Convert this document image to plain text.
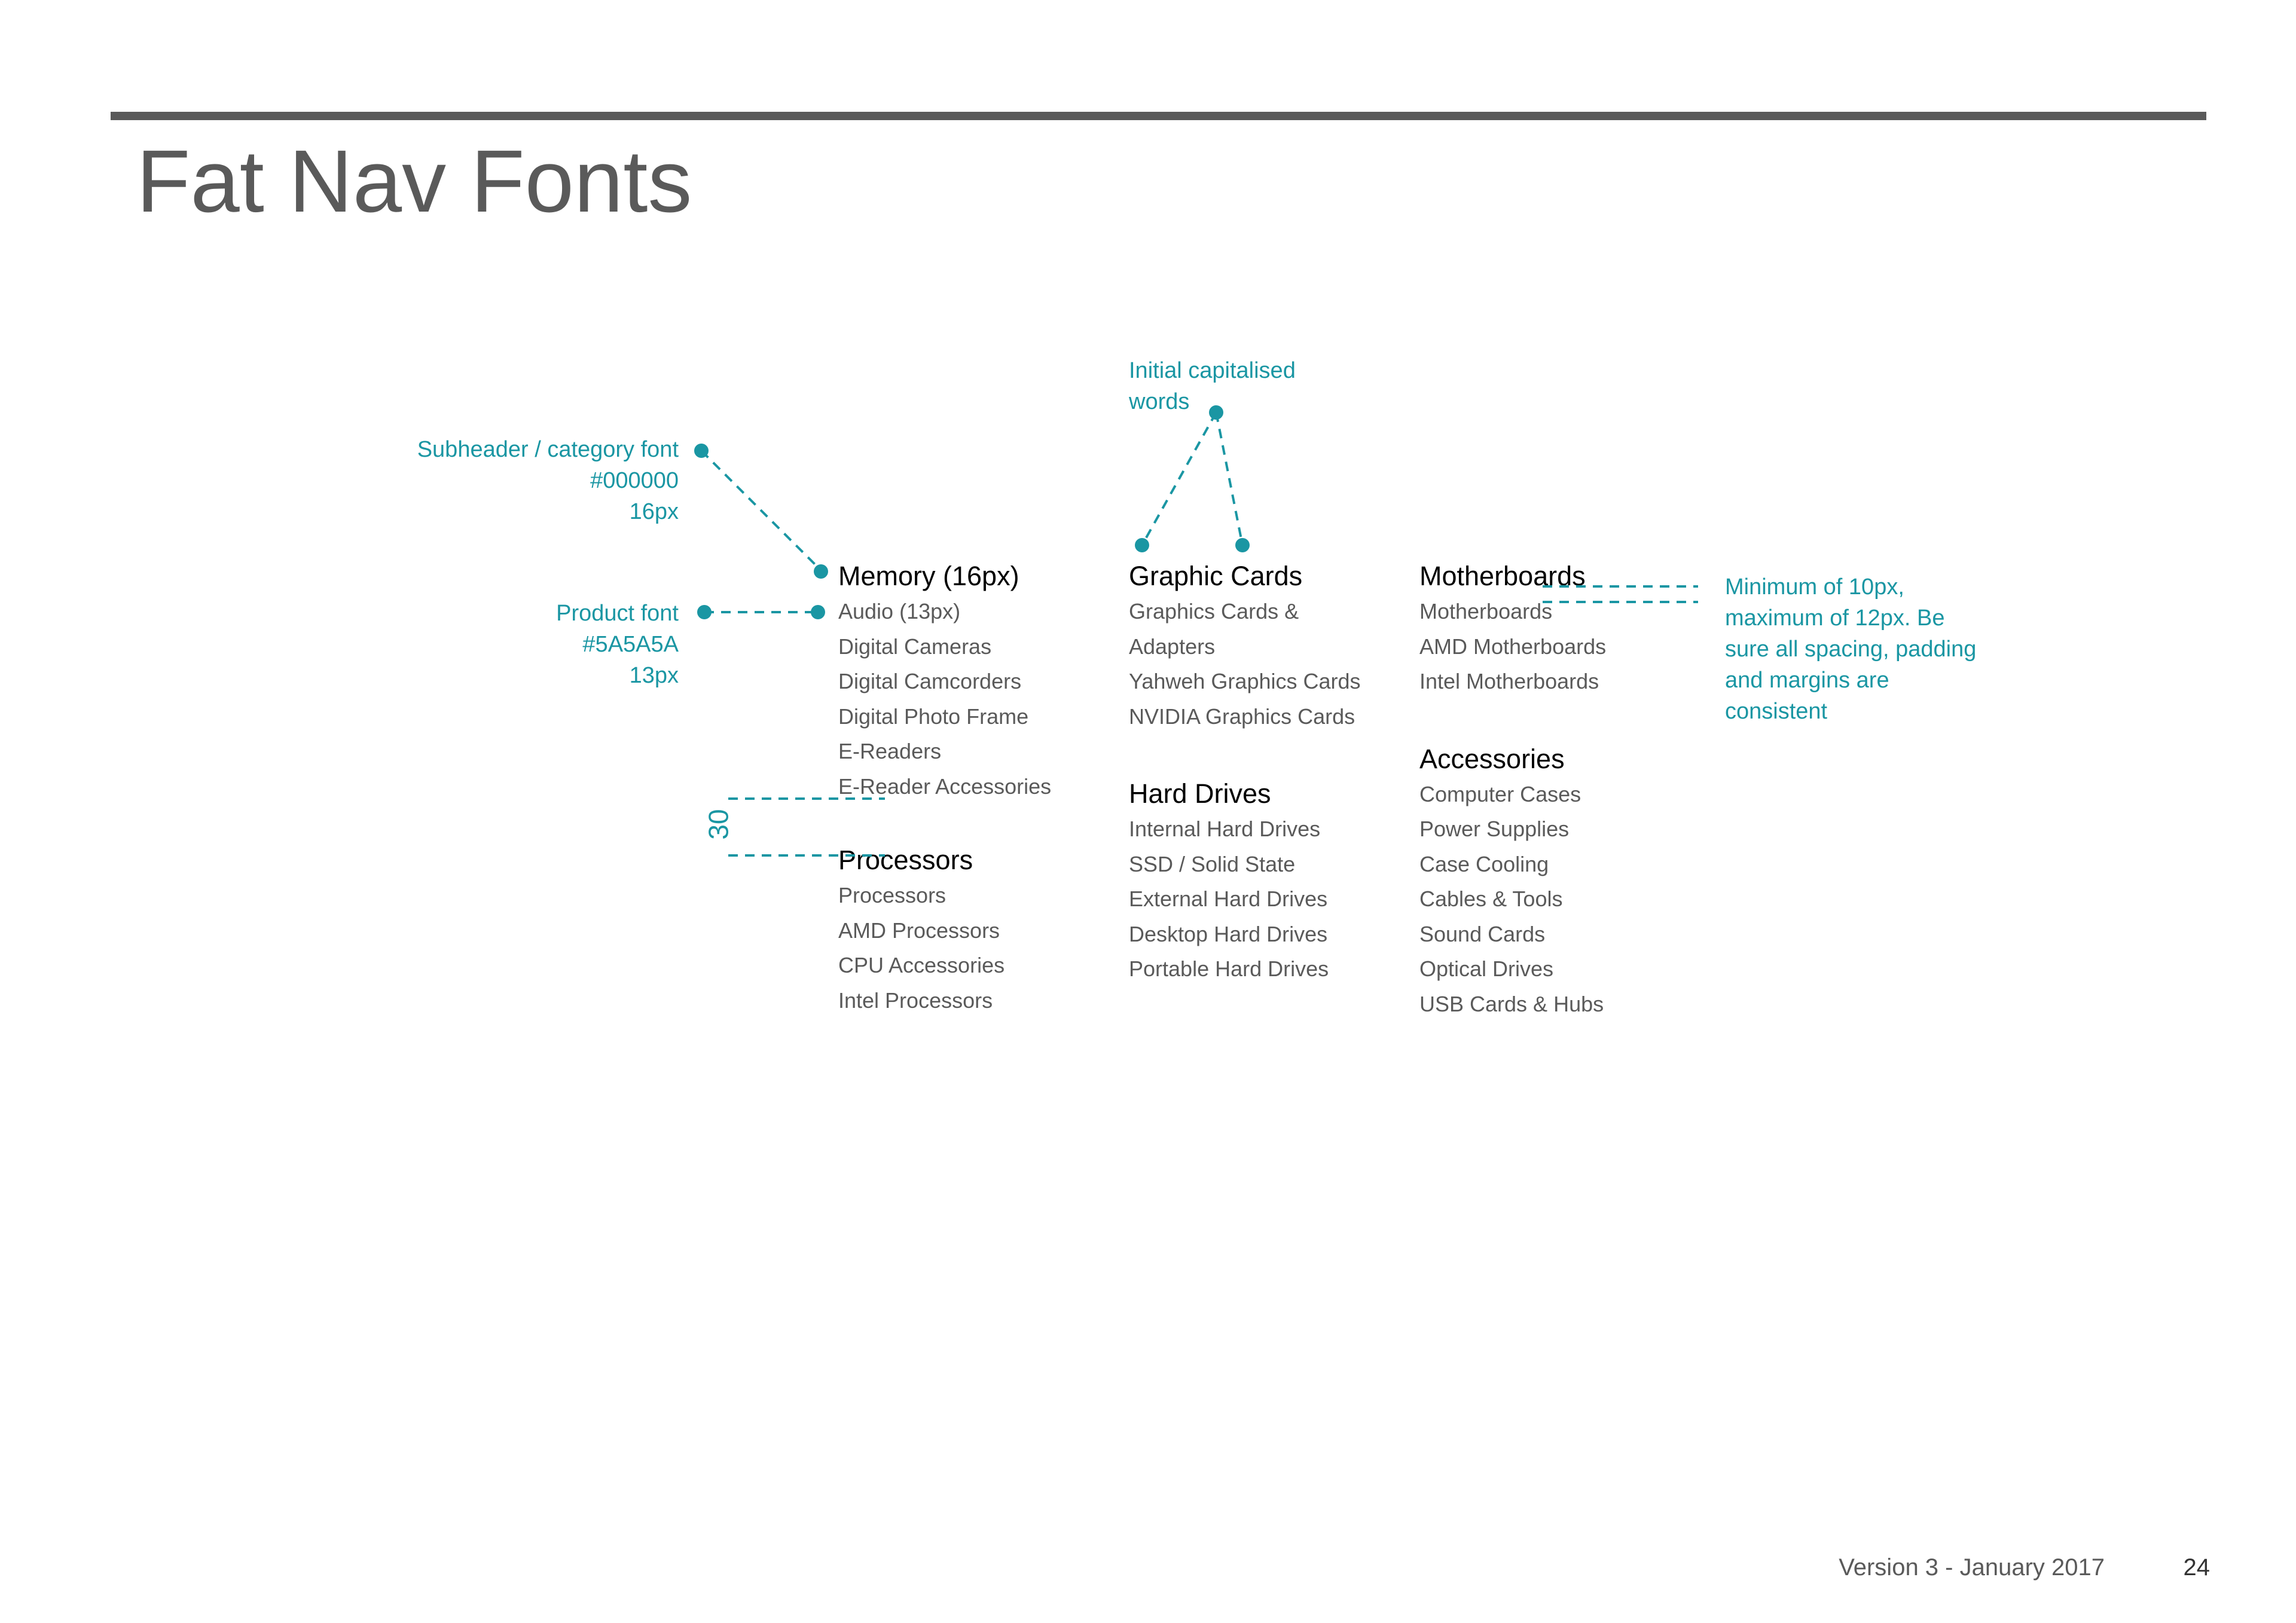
Fat Nav Fonts
Subheader / category font
#000000
16px
Product font
#5A5A5A
13px
Initial capitalised
words
Minimum of 10px,
maximum of 12px. Be
sure all spacing, padding
and margins are
consistent
30
Memory (16px)
Audio (13px)
Digital Cameras
Digital Camcorders
Digital Photo Frame
E-Readers
E-Reader Accessories
Processors
Processors
AMD Processors
CPU Accessories
Intel Processors
Graphic Cards
Graphics Cards &
Adapters
Yahweh Graphics Cards
NVIDIA Graphics Cards
Hard Drives
Internal Hard Drives
SSD / Solid State
External Hard Drives
Desktop Hard Drives
Portable Hard Drives
Motherboards
Motherboards
AMD Motherboards
Intel Motherboards
Accessories
Computer Cases
Power Supplies
Case Cooling
Cables & Tools
Sound Cards
Optical Drives
USB Cards & Hubs
Version 3 - January 2017	24
